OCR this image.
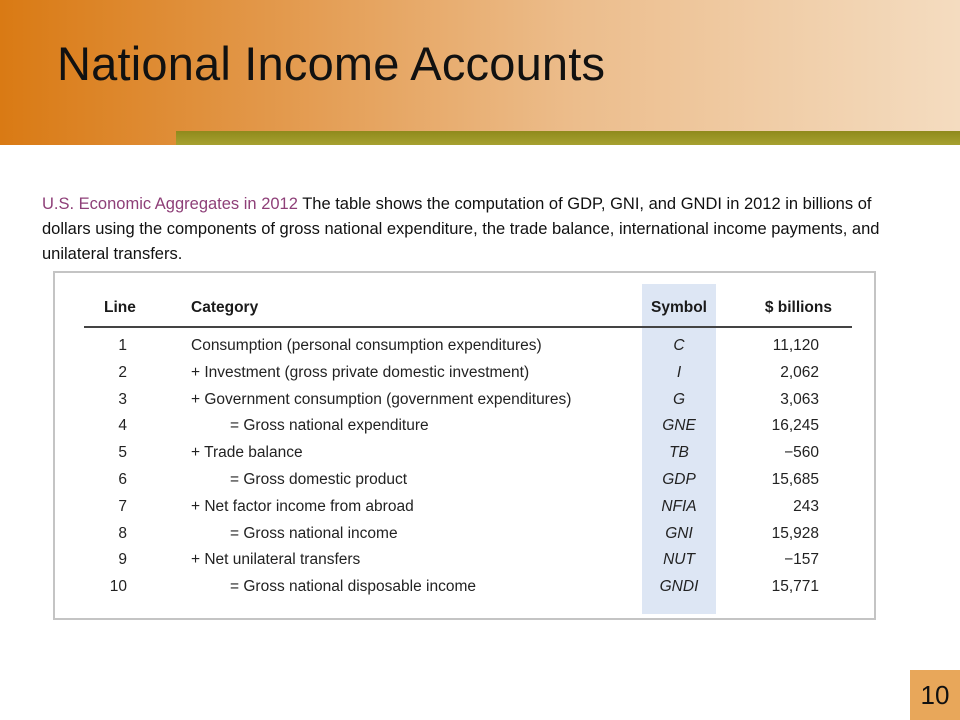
National Income Accounts
U.S. Economic Aggregates in 2012 The table shows the computation of GDP, GNI, and GNDI in 2012 in billions of dollars using the components of gross national expenditure, the trade balance, international income payments, and unilateral transfers.
Line	Category	Symbol	$ billions
1	Consumption (personal consumption expenditures)	C	11,120
2	+ Investment (gross private domestic investment)	I	2,062
3	+ Government consumption (government expenditures)	G	3,063
4	= Gross national expenditure	GNE	16,245
5	+ Trade balance	TB	−560
6	= Gross domestic product	GDP	15,685
7	+ Net factor income from abroad	NFIA	243
8	= Gross national income	GNI	15,928
9	+ Net unilateral transfers	NUT	−157
10	= Gross national disposable income	GNDI	15,771
10
